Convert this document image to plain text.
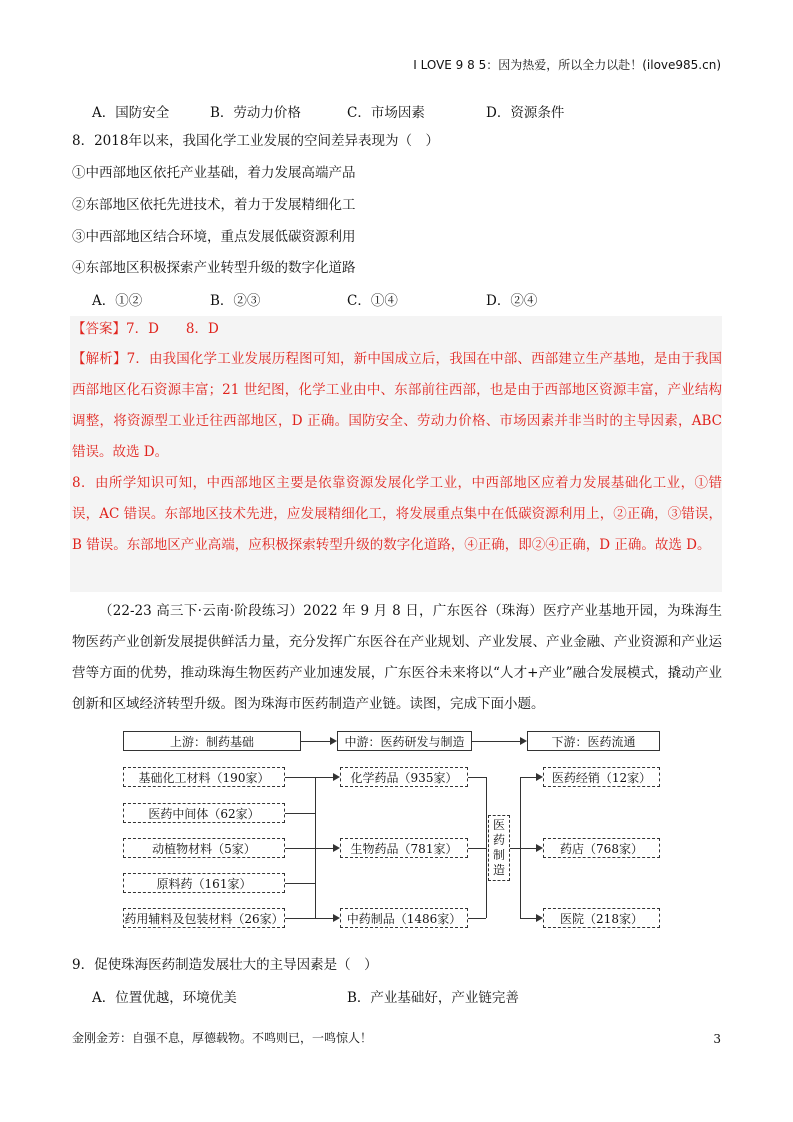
I LOVE 9 8 5：因为热爱，所以全力以赴！(ilove985.cn)
A．国防安全	B．劳动力价格	C．市场因素	D．资源条件
8．2018年以来，我国化学工业发展的空间差异表现为（　）
①中西部地区依托产业基础，着力发展高端产品
②东部地区依托先进技术，着力于发展精细化工
③中西部地区结合环境，重点发展低碳资源利用
④东部地区积极探索产业转型升级的数字化道路
A．①②	B．②③	C．①④	D．②④
【答案】7．D　　8．D
【解析】7．由我国化学工业发展历程图可知，新中国成立后，我国在中部、西部建立生产基地，是由于我国西部地区化石资源丰富；21 世纪图，化学工业由中、东部前往西部，也是由于西部地区资源丰富，产业结构调整，将资源型工业迁往西部地区，D 正确。国防安全、劳动力价格、市场因素并非当时的主导因素，ABC 错误。故选 D。
8．由所学知识可知，中西部地区主要是依靠资源发展化学工业，中西部地区应着力发展基础化工业，①错误，AC 错误。东部地区技术先进，应发展精细化工，将发展重点集中在低碳资源利用上，②正确，③错误，B 错误。东部地区产业高端，应积极探索转型升级的数字化道路，④正确，即②④正确，D 正确。故选 D。
（22-23 高三下·云南·阶段练习）2022 年 9 月 8 日，广东医谷（珠海）医疗产业基地开园，为珠海生物医药产业创新发展提供鲜活力量，充分发挥广东医谷在产业规划、产业发展、产业金融、产业资源和产业运营等方面的优势，推动珠海生物医药产业加速发展，广东医谷未来将以“人才+产业”融合发展模式，撬动产业创新和区域经济转型升级。图为珠海市医药制造产业链。读图，完成下面小题。
上游：制药基础	中游：医药研发与制造	下游：医药流通
基础化工材料（190家）
医药中间体（62家）
动植物材料（5家）
原料药（161家）
药用辅料及包装材料（26家）
化学药品（935家）
生物药品（781家）
中药制品（1486家）
医药制造
医药经销（12家）
药店（768家）
医院（218家）
9．促使珠海医药制造发展壮大的主导因素是（　）
A．位置优越，环境优美	B．产业基础好，产业链完善
金刚金芳：自强不息，厚德载物。不鸣则已，一鸣惊人！	3
